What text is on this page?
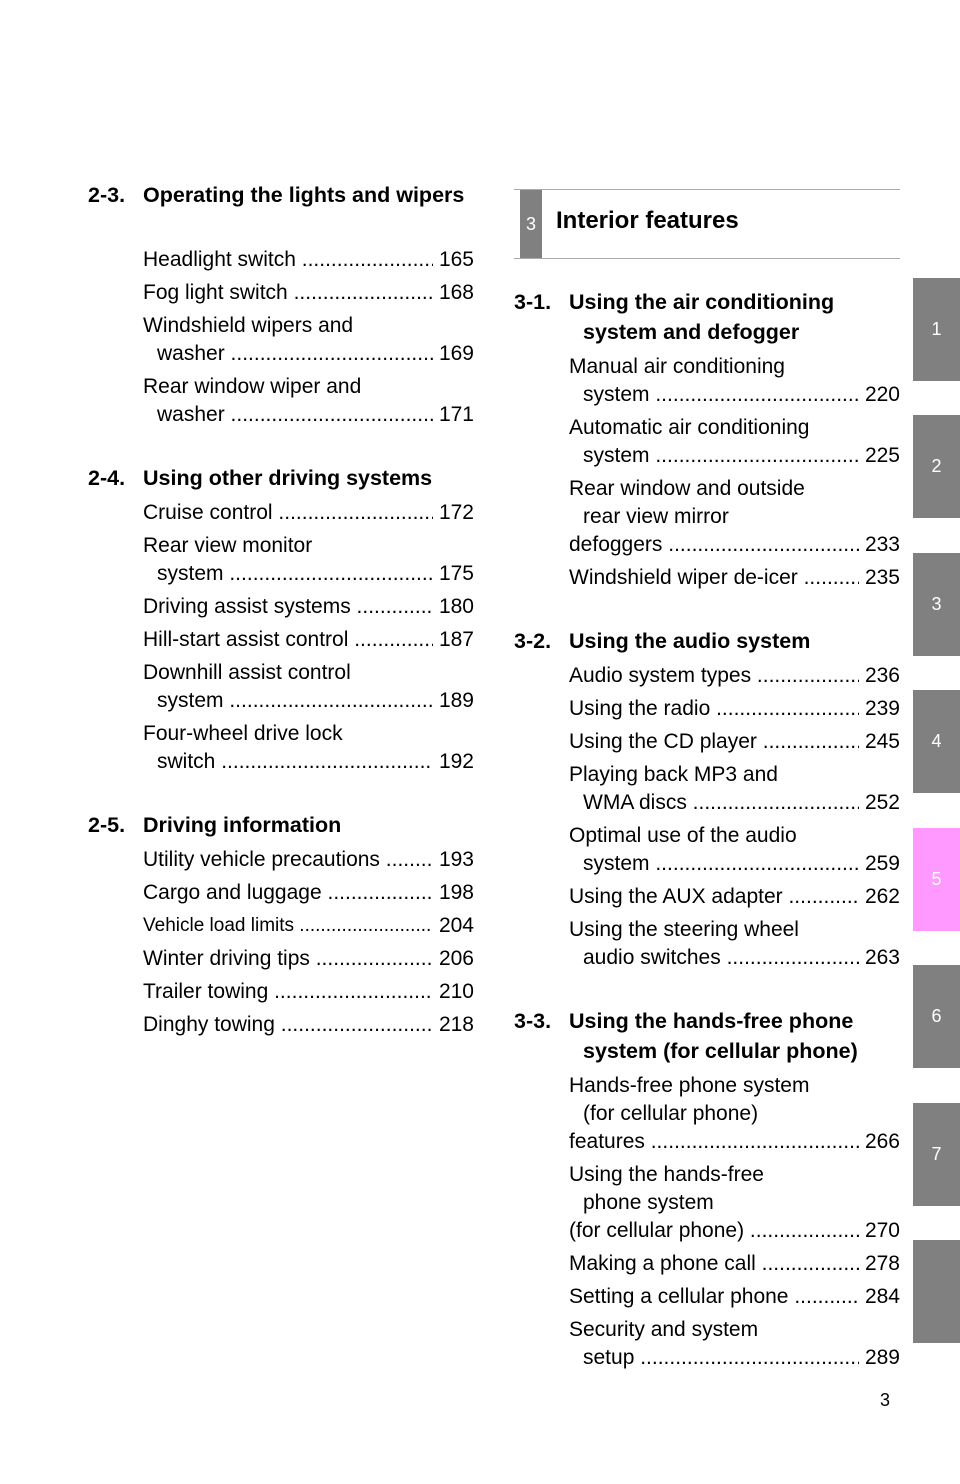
2-3. Operating the lights and wipers
Headlight switch .....	165
Fog light switch .....	168
Windshield wipers and
washer .....	169
Rear window wiper and
washer .....	171
2-4. Using other driving systems
Cruise control .....	172
Rear view monitor
system .....	175
Driving assist systems .....	180
Hill-start assist control .....	187
Downhill assist control
system .....	189
Four-wheel drive lock
switch .....	192
2-5. Driving information
Utility vehicle precautions .....	193
Cargo and luggage .....	198
Vehicle load limits .....	204
Winter driving tips .....	206
Trailer towing .....	210
Dinghy towing .....	218
3-1. Using the air conditioning system and defogger
Manual air conditioning
system .....	220
Automatic air conditioning
system .....	225
Rear window and outside
rear view mirror
defoggers .....	233
Windshield wiper de-icer .....	235
3-2. Using the audio system
Audio system types .....	236
Using the radio .....	239
Using the CD player .....	245
Playing back MP3 and
WMA discs .....	252
Optimal use of the audio
system .....	259
Using the AUX adapter .....	262
Using the steering wheel
audio switches .....	263
3-3. Using the hands-free phone system (for cellular phone)
Hands-free phone system
(for cellular phone)
features .....	266
Using the hands-free
phone system
(for cellular phone) .....	270
Making a phone call .....	278
Setting a cellular phone .....	284
Security and system
setup .....	289
3 Interior features
1
2
3
4
5
6
7
3
